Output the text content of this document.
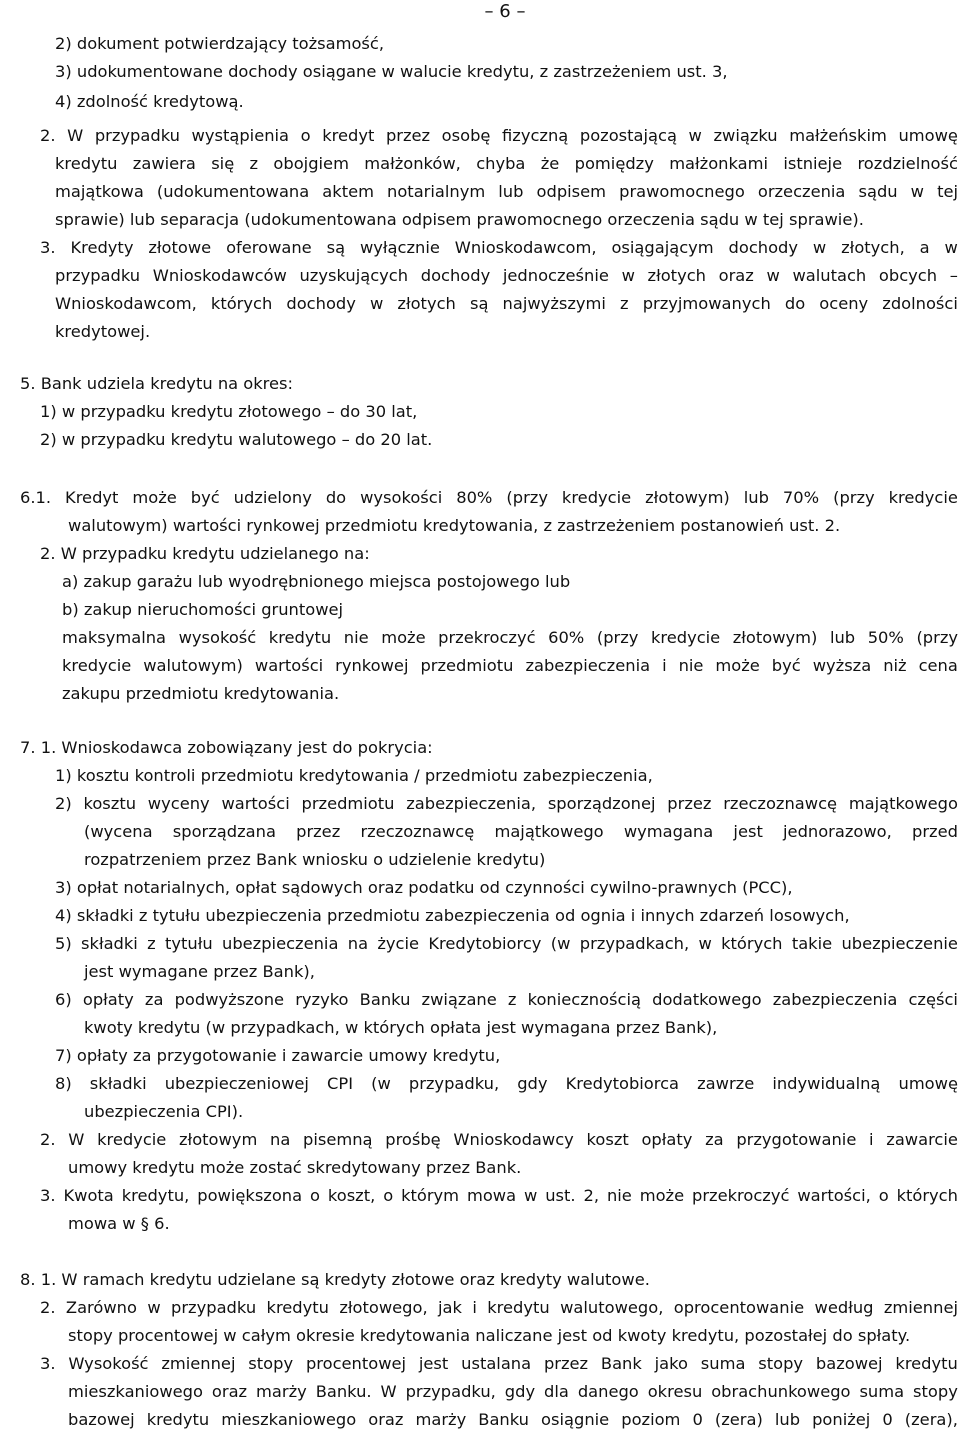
– 6 –
2) dokument potwierdzający tożsamość,
3) udokumentowane dochody osiągane w walucie kredytu, z zastrzeżeniem ust. 3,
4) zdolność kredytową.
2. W przypadku wystąpienia o kredyt przez osobę fizyczną pozostającą w związku małżeńskim umowę
kredytu zawiera się z obojgiem małżonków, chyba że pomiędzy małżonkami istnieje rozdzielność
majątkowa (udokumentowana aktem notarialnym lub odpisem prawomocnego orzeczenia sądu w tej
sprawie) lub separacja (udokumentowana odpisem prawomocnego orzeczenia sądu w tej sprawie).
3. Kredyty złotowe oferowane są wyłącznie Wnioskodawcom, osiągającym dochody w złotych, a w
przypadku Wnioskodawców uzyskujących dochody jednocześnie w złotych oraz w walutach obcych –
Wnioskodawcom, których dochody w złotych są najwyższymi z przyjmowanych do oceny zdolności
kredytowej.
5. Bank udziela kredytu na okres:
1) w przypadku kredytu złotowego – do 30 lat,
2) w przypadku kredytu walutowego – do 20 lat.
6.1. Kredyt może być udzielony do wysokości 80% (przy kredycie złotowym) lub 70% (przy kredycie
walutowym) wartości rynkowej przedmiotu kredytowania, z zastrzeżeniem postanowień ust. 2.
2. W przypadku kredytu udzielanego na:
a) zakup garażu lub wyodrębnionego miejsca postojowego lub
b) zakup nieruchomości gruntowej
maksymalna wysokość kredytu nie może przekroczyć 60% (przy kredycie złotowym) lub 50% (przy
kredycie walutowym) wartości rynkowej przedmiotu zabezpieczenia i nie może być wyższa niż cena
zakupu przedmiotu kredytowania.
7. 1. Wnioskodawca zobowiązany jest do pokrycia:
1) kosztu kontroli przedmiotu kredytowania / przedmiotu zabezpieczenia,
2) kosztu wyceny wartości przedmiotu zabezpieczenia, sporządzonej przez rzeczoznawcę majątkowego
(wycena sporządzana przez rzeczoznawcę majątkowego wymagana jest jednorazowo, przed
rozpatrzeniem przez Bank wniosku o udzielenie kredytu)
3) opłat notarialnych, opłat sądowych oraz podatku od czynności cywilno-prawnych (PCC),
4) składki z tytułu ubezpieczenia przedmiotu zabezpieczenia od ognia i innych zdarzeń losowych,
5) składki z tytułu ubezpieczenia na życie Kredytobiorcy (w przypadkach, w których takie ubezpieczenie
jest wymagane przez Bank),
6) opłaty za podwyższone ryzyko Banku związane z koniecznością dodatkowego zabezpieczenia części
kwoty kredytu (w przypadkach, w których opłata jest wymagana przez Bank),
7) opłaty za przygotowanie i zawarcie umowy kredytu,
8) składki ubezpieczeniowej CPI (w przypadku, gdy Kredytobiorca zawrze indywidualną umowę
ubezpieczenia CPI).
2. W kredycie złotowym na pisemną prośbę Wnioskodawcy koszt opłaty za przygotowanie i zawarcie
umowy kredytu może zostać skredytowany przez Bank.
3. Kwota kredytu, powiększona o koszt, o którym mowa w ust. 2, nie może przekroczyć wartości, o których
mowa w § 6.
8. 1. W ramach kredytu udzielane są kredyty złotowe oraz kredyty walutowe.
2. Zarówno w przypadku kredytu złotowego, jak i kredytu walutowego, oprocentowanie według zmiennej
stopy procentowej w całym okresie kredytowania naliczane jest od kwoty kredytu, pozostałej do spłaty.
3. Wysokość zmiennej stopy procentowej jest ustalana przez Bank jako suma stopy bazowej kredytu
mieszkaniowego oraz marży Banku. W przypadku, gdy dla danego okresu obrachunkowego suma stopy
bazowej kredytu mieszkaniowego oraz marży Banku osiągnie poziom 0 (zera) lub poniżej 0 (zera),
